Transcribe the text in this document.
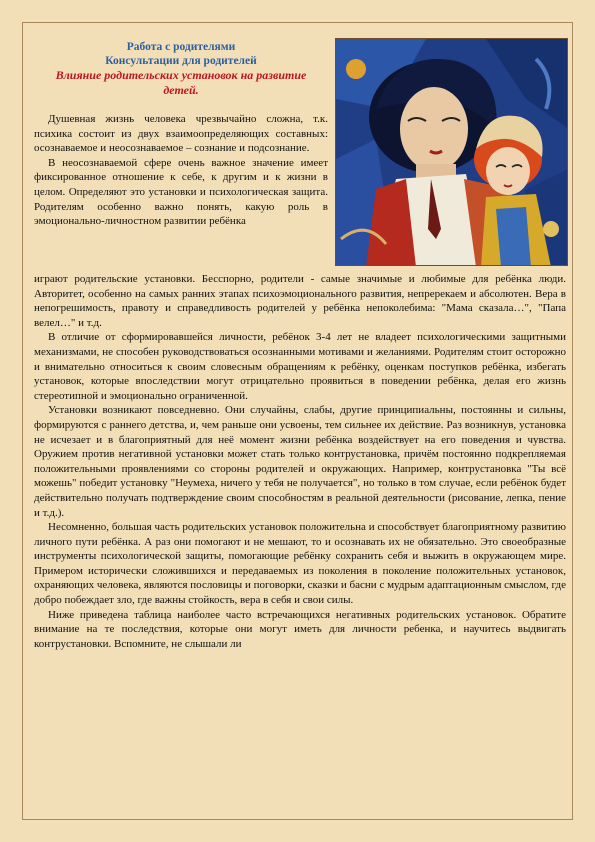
Работа с родителями
Консультации для родителей
Влияние родительских установок на развитие детей.

Душевная жизнь человека чрезвычайно сложна, т.к. психика состоит из двух взаимоопределяющих составных: осознаваемое и неосознаваемое – сознание и подсознание.

В неосознаваемой сфере очень важное значение имеет фиксированное отношение к себе, к другим и к жизни в целом. Определяют это установки и психологическая защита. Родителям особенно важно понять, какую роль в эмоционально-личностном развитии ребёнка

играют родительские установки. Бесспорно, родители - самые значимые и любимые для ребёнка люди. Авторитет, особенно на самых ранних этапах психоэмоционального развития, непререкаем и абсолютен. Вера в непогрешимость, правоту и справедливость родителей у ребёнка непоколебима: "Мама сказала…", "Папа велел…" и т.д.

В отличие от сформировавшейся личности, ребёнок 3-4 лет не владеет психологическими защитными механизмами, не способен руководствоваться осознанными мотивами и желаниями. Родителям стоит осторожно и внимательно относиться к своим словесным обращениям к ребёнку, оценкам поступков ребёнка, избегать установок, которые впоследствии могут отрицательно проявиться в поведении ребёнка, делая его жизнь стереотипной и эмоционально ограниченной.

Установки возникают повседневно. Они случайны, слабы, другие принципиальны, постоянны и сильны, формируются с раннего детства, и, чем раньше они усвоены, тем сильнее их действие. Раз возникнув, установка не исчезает и в благоприятный для неё момент жизни ребёнка воздействует на его поведения и чувства. Оружием против негативной установки может стать только контрустановка, причём постоянно подкрепляемая положительными проявлениями со стороны родителей и окружающих. Например, контрустановка "Ты всё можешь" победит установку "Неумеха, ничего у тебя не получается", но только в том случае, если ребёнок будет действительно получать подтверждение своим способностям в реальной деятельности (рисование, лепка, пение и т.д.).

Несомненно, большая часть родительских установок положительна и способствует благоприятному развитию личного пути ребёнка. А раз они помогают и не мешают, то и осознавать их не обязательно. Это своеобразные инструменты психологической защиты, помогающие ребёнку сохранить себя и выжить в окружающем мире. Примером исторически сложившихся и передаваемых из поколения в поколение положительных установок, охраняющих человека, являются пословицы и поговорки, сказки и басни с мудрым адаптационным смыслом, где добро побеждает зло, где важны стойкость, вера в себя и свои силы.

Ниже приведена таблица наиболее часто встречающихся негативных родительских установок. Обратите внимание на те последствия, которые они могут иметь для личности ребенка, и научитесь выдвигать контрустановки. Вспомните, не слышали ли
